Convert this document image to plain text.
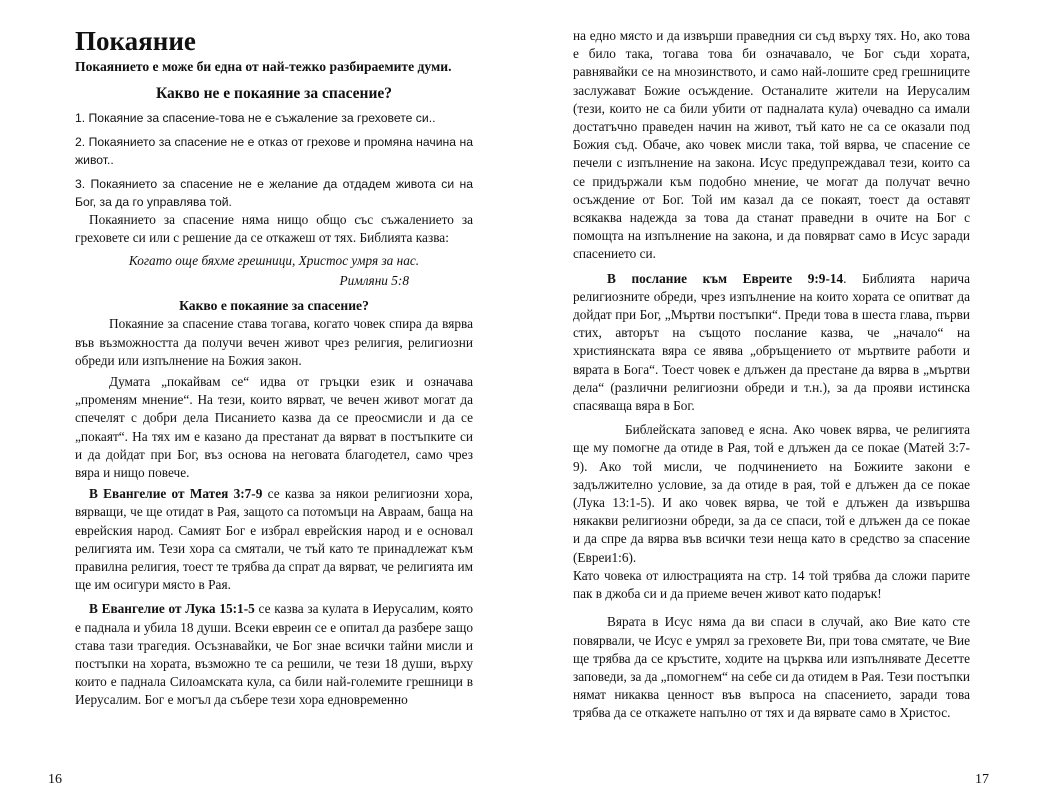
Покаяние

Покаянието е може би една от най-тежко разбираемите думи.

Какво не е покаяние за спасение?

1. Покаяние за спасение-това не е съжаление за греховете си..

2. Покаянието за спасение не е отказ от грехове и промяна начина на живот..

3. Покаянието за спасение не е желание да отдадем живота си на Бог, за да го управлява той.

Покаянието за спасение няма нищо общо със съжалението за греховете си или с решение да се откажеш от тях. Библията казва:

Когато още бяхме грешници, Христос умря за нас.

Римляни 5:8

Какво е покаяние за спасение?

Покаяние за спасение става тогава, когато човек спира да вярва във възможността да получи вечен живот чрез религия, религиозни обреди или изпълнение на Божия закон.

Думата „покайвам се“ идва от гръцки език и означава „променям мнение“. На тези, които вярват, че вечен живот могат да спечелят с добри дела Писанието казва да се преосмисли и да се „покаят“. На тях им е казано да престанат да вярват в постъпките си и да дойдат при Бог, въз основа на неговата благодетел, само чрез вяра и нищо повече.

В Евангелие от Матея 3:7-9 се казва за някои религиозни хора, вярващи, че ще отидат в Рая, защото са потомъци на Авраам, баща на еврейския народ. Самият Бог е избрал еврейския народ и е основал религията им. Тези хора са смятали, че тъй като те принадлежат към правилна религия, тоест те трябва да спрат да вярват, че религията им ще им осигури място в Рая.

В Евангелие от Лука 15:1-5 се казва за кулата в Иерусалим, която е паднала и убила 18 души. Всеки евреин се е опитал да разбере защо става тази трагедия. Осъзнавайки, че Бог знае всички тайни мисли и постъпки на хората, възможно те са решили, че тези 18 души, върху които е паднала Силоамската кула, са били най-големите грешници в Иерусалим. Бог е могъл да събере тези хора едновременно

16

на едно място и да извърши праведния си съд върху тях. Но, ако това е било така, тогава това би означавало, че Бог съди хората, равнявайки се на мнозинството, и само най-лошите сред грешниците заслужават Божие осъждение. Останалите жители на Иерусалим (тези, които не са били убити от падналата кула) очевадно са имали достатъчно праведен начин на живот, тъй като не са се оказали под Божия съд. Обаче, ако човек мисли така, той вярва, че спасение се печели с изпълнение на закона. Исус предупреждавал тези, които са се придържали към подобно мнение, че могат да получат вечно осъждение от Бог. Той им казал да се покаят, тоест да оставят всякаква надежда за това да станат праведни в очите на Бог с помощта на изпълнение на закона, и да повярват само в Исус заради спасението си.

В послание към Евреите 9:9-14. Библията нарича религиозните обреди, чрез изпълнение на които хората се опитват да дойдат при Бог, „Мъртви постъпки“. Преди това в шеста глава, първи стих, авторът на същото послание казва, че „начало“ на християнската вяра се явява „обръщението от мъртвите работи и вярата в Бога“. Тоест човек е длъжен да престане да вярва в „мъртви дела“ (различни религиозни обреди и т.н.), за да прояви истинска спасяваща вяра в Бог.

Библейската заповед е ясна. Ако човек вярва, че религията ще му помогне да отиде в Рая, той е длъжен да се покае (Матей 3:7-9). Ако той мисли, че подчинението на Божиите закони е задължително условие, за да отиде в рая, той е длъжен да се покае (Лука 13:1-5). И ако човек вярва, че той е длъжен да извършва някакви религиозни обреди, за да се спаси, той е длъжен да се покае и да спре да вярва във всички тези неща като в средство за спасение (Евреи1:6).

Като човека от илюстрацията на стр. 14 той трябва да сложи парите пак в джоба си и да приеме вечен живот като подарък!

Вярата в Исус няма да ви спаси в случай, ако Вие като сте повярвали, че Исус е умрял за греховете Ви, при това смятате, че Вие ще трябва да се кръстите, ходите на църква или изпълнявате Десетте заповеди, за да „помогнем“ на себе си да отидем в Рая. Тези постъпки нямат никаква ценност във въпроса на спасението, заради това трябва да се откажете напълно от тях и да вярвате само в Христос.

17
